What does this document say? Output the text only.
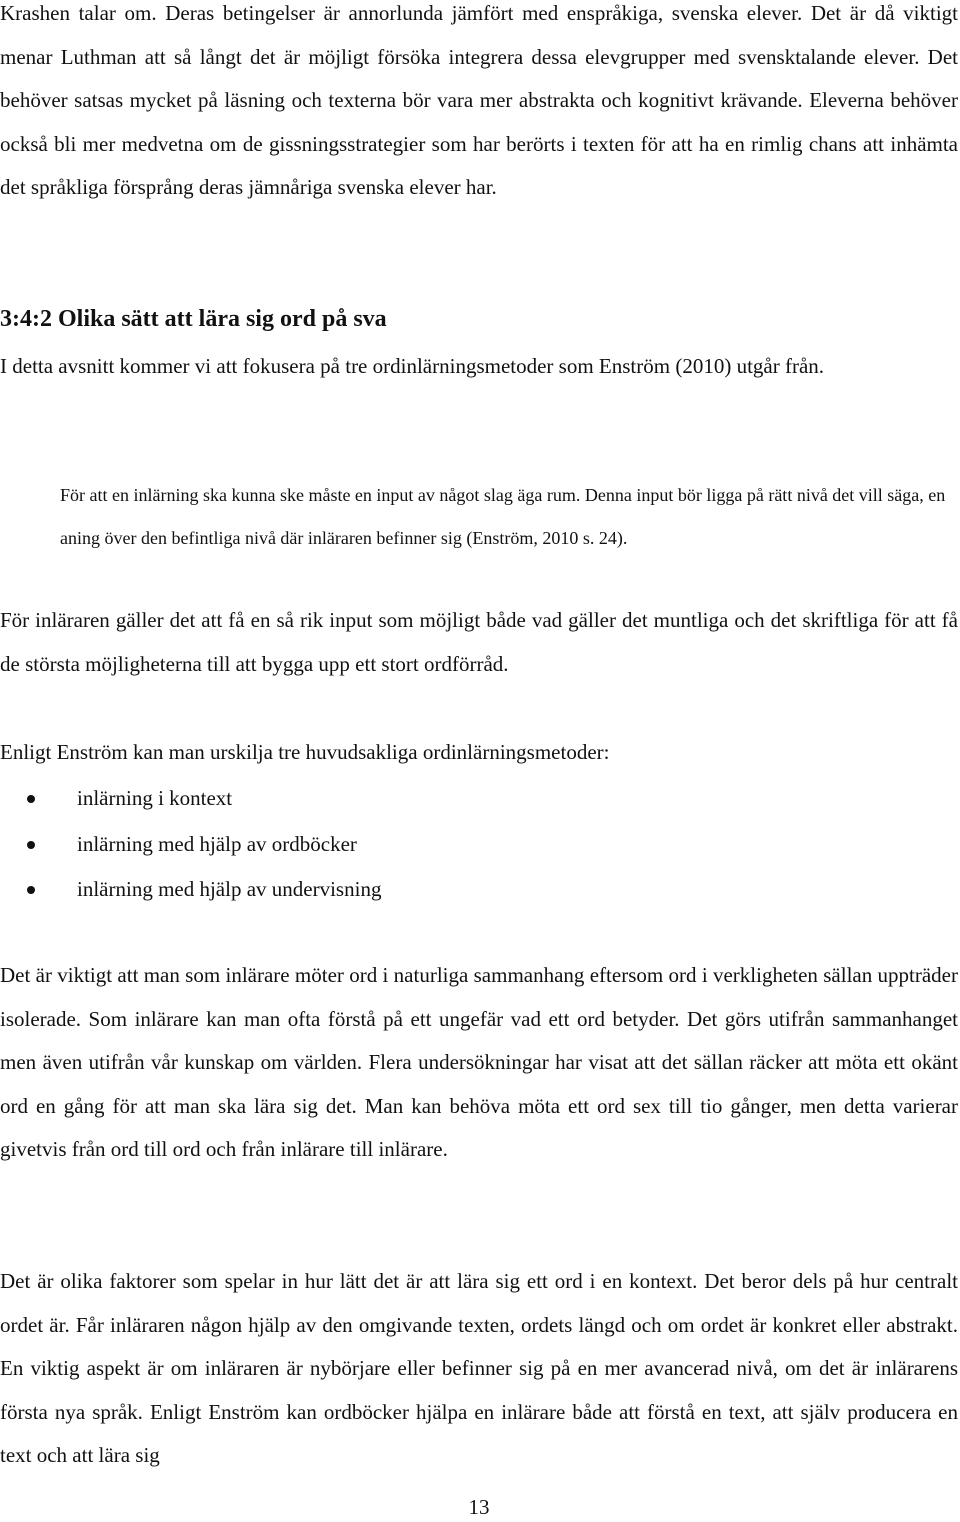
Krashen talar om. Deras betingelser är annorlunda jämfört med enspråkiga, svenska elever. Det är då viktigt menar Luthman att så långt det är möjligt försöka integrera dessa elevgrupper med svensktalande elever. Det behöver satsas mycket på läsning och texterna bör vara mer abstrakta och kognitivt krävande. Eleverna behöver också bli mer medvetna om de gissningsstrategier som har berörts i texten för att ha en rimlig chans att inhämta det språkliga försprång deras jämnåriga svenska elever har.

3:4:2 Olika sätt att lära sig ord på sva

I detta avsnitt kommer vi att fokusera på tre ordinlärningsmetoder som Enström (2010) utgår från.

För att en inlärning ska kunna ske måste en input av något slag äga rum. Denna input bör ligga på rätt nivå det vill säga, en aning över den befintliga nivå där inläraren befinner sig (Enström, 2010 s. 24).

För inläraren gäller det att få en så rik input som möjligt både vad gäller det muntliga och det skriftliga för att få de största möjligheterna till att bygga upp ett stort ordförråd.

Enligt Enström kan man urskilja tre huvudsakliga ordinlärningsmetoder:

inlärning i kontext
inlärning med hjälp av ordböcker
inlärning med hjälp av undervisning

Det är viktigt att man som inlärare möter ord i naturliga sammanhang eftersom ord i verkligheten sällan uppträder isolerade. Som inlärare kan man ofta förstå på ett ungefär vad ett ord betyder. Det görs utifrån sammanhanget men även utifrån vår kunskap om världen. Flera undersökningar har visat att det sällan räcker att möta ett okänt ord en gång för att man ska lära sig det. Man kan behöva möta ett ord sex till tio gånger, men detta varierar givetvis från ord till ord och från inlärare till inlärare.

Det är olika faktorer som spelar in hur lätt det är att lära sig ett ord i en kontext. Det beror dels på hur centralt ordet är. Får inläraren någon hjälp av den omgivande texten, ordets längd och om ordet är konkret eller abstrakt. En viktig aspekt är om inläraren är nybörjare eller befinner sig på en mer avancerad nivå, om det är inlärarens första nya språk. Enligt Enström kan ordböcker hjälpa en inlärare både att förstå en text, att själv producera en text och att lära sig

13
